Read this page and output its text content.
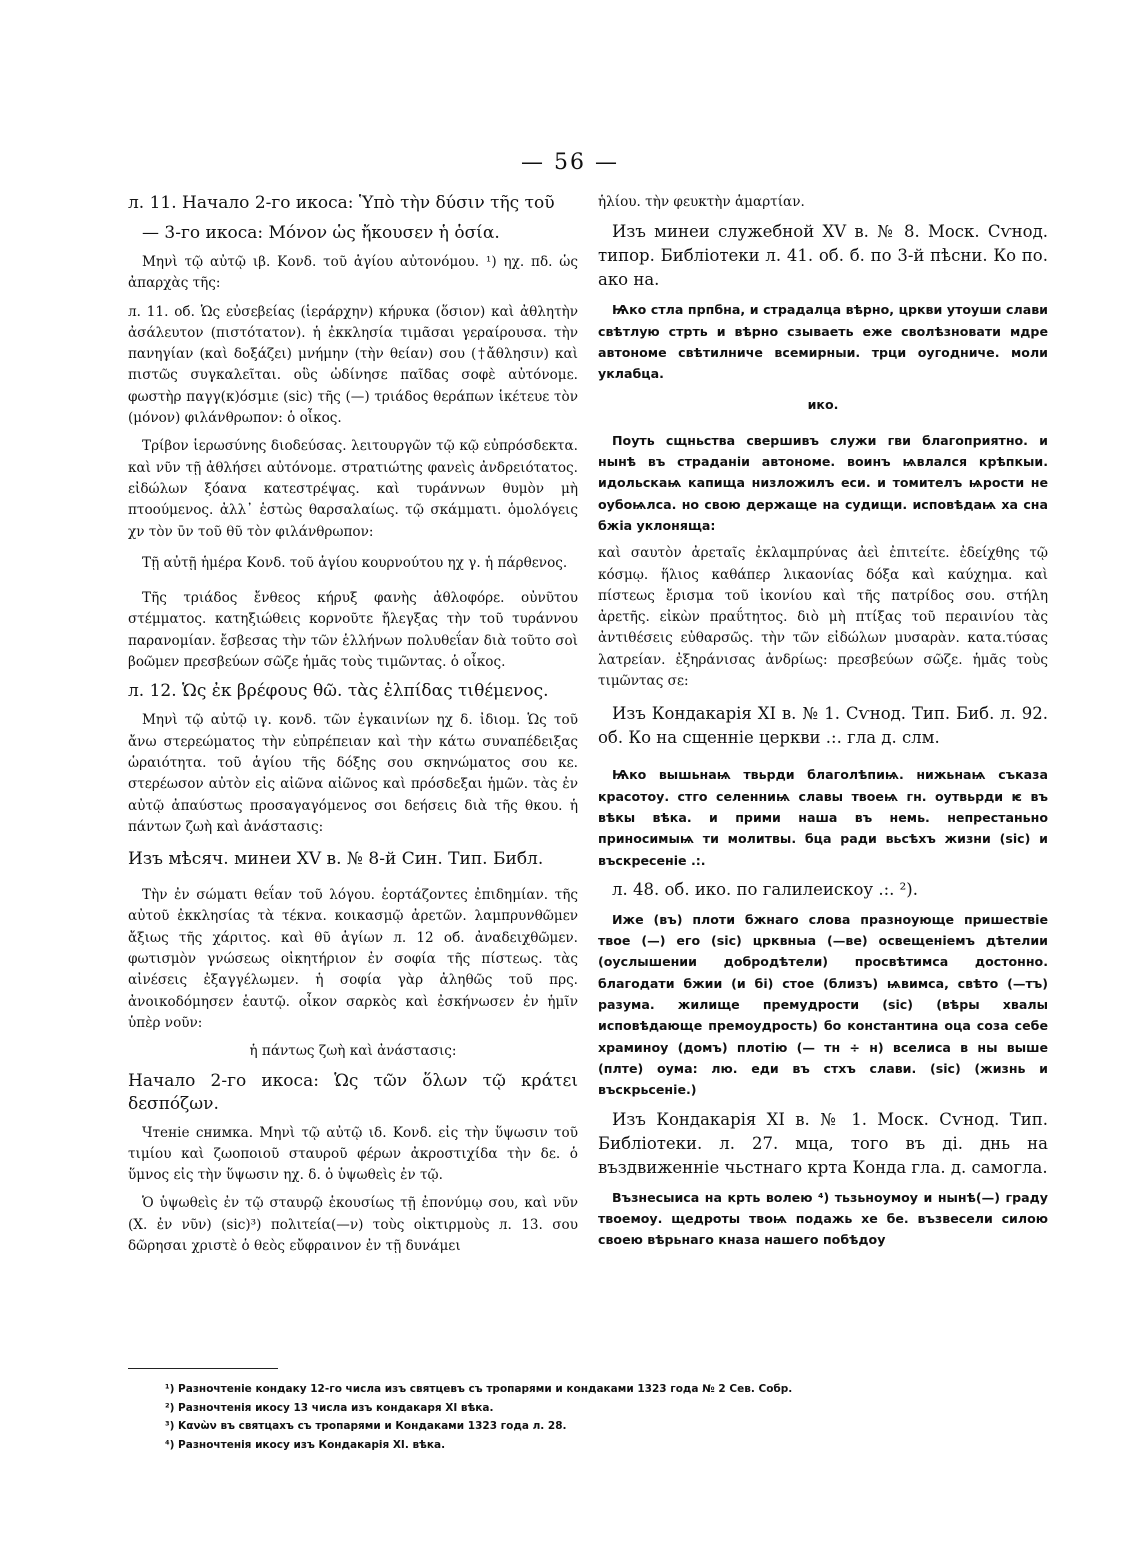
— 56 —

л. 11. Начало 2-го икоса: Ὑπὸ τὴν δύσιν τῆς τοῦ

— 3-го икоса: Μόνον ὡς ἤκουσεν ἡ ὁσία.

Μηνὶ τῷ αὐτῷ ιβ. Κονδ. τοῦ ἁγίου αὐτονόμου. ¹) ηχ. πδ. ὡς ἀπαρχὰς τῆς:

л. 11. об. Ὡς εὐσεβείας (ἱεράρχην) κήρυκα (ὅσιον) καὶ ἀθλητὴν ἀσάλευτον (πιστότατον). ἡ ἐκκλησία τιμᾶσαι γεραίρουσα. τὴν πανηγίαν (καὶ δοξάζει) μνήμην (τὴν θείαν) σου (†ἄθλησιν) καὶ πιστῶς συγκαλεῖται. οὓς ὠδίνησε παῖδας σοφὲ αὐτόνομε. φωστὴρ παγγ(κ)όσμιε (sic) τῆς (—) τριάδος θεράπων ἱκέτευε τὸν (μόνον) φιλάνθρωπον: ὁ οἶκος.

Τρίβον ἱερωσύνης διοδεύσας. λειτουργῶν τῷ κῷ εὐπρόσδεκτα. καὶ νῦν τῇ ἀθλήσει αὐτόνομε. στρατιώτης φανεὶς ἀνδρειότατος. εἰδώλων ξόανα κατεστρέψας. καὶ τυράννων θυμὸν μὴ πτοούμενος. ἀλλ᾽ ἑστὼς θαρσαλαίως. τῷ σκάμματι. ὁμολόγεις χν τὸν ῡν τοῦ θῦ τὸν φιλάνθρωπον:

Τῇ αὐτῇ ἡμέρα Κονδ. τοῦ ἁγίου κουρνούτου ηχ γ. ἡ πάρθενος.

Τῆς τριάδος ἔνθεος κήρυξ φανὴς ἀθλοφόρε. οὐνῦτου στέμματος. κατηξιώθεις κορνοῦτε ἤλεγξας τὴν τοῦ τυράννου παρανομίαν. ἔσβεσας τὴν τῶν ἑλλήνων πολυθεΐαν διὰ τοῦτο σοὶ βοῶμεν πρεσβεύων σῶζε ἡμᾶς τοὺς τιμῶντας. ὁ οἶκος.

л. 12. Ὡς ἐκ βρέφους θῶ. τὰς ἐλπίδας τιθέμενος.

Μηνὶ τῷ αὐτῷ ιγ. κονδ. τῶν ἐγκαινίων ηχ δ. ἰδιομ. Ὡς τοῦ ἄνω στερεώματος τὴν εὐπρέπειαν καὶ τὴν κάτω συναπέδειξας ὡραιότητα. τοῦ ἁγίου τῆς δόξης σου σκηνώματος σου κε. στερέωσον αὐτὸν εἰς αἰῶνα αἰῶνος καὶ πρόσδεξαι ἡμῶν. τὰς ἐν αὐτῷ ἀπαύστως προσαγαγόμενος σοι δεήσεις διὰ τῆς θκου. ἡ πάντων ζωὴ καὶ ἀνάστασις:

Изъ мѣсяч. минеи XV в. № 8-й Син. Тип. Библ.

Τὴν ἐν σώματι θεΐαν τοῦ λόγου. ἑορτάζοντες ἐπιδημίαν. τῆς αὐτοῦ ἐκκλησίας τὰ τέκνα. κοικασμῷ ἀρετῶν. λαμπρυνθῶμεν ἄξιως τῆς χάριτος. καὶ θῦ ἁγίων л. 12 об. ἀναδειχθῶμεν. φωτισμὸν γνώσεως οἰκητήριον ἐν σοφία τῆς πίστεως. τὰς αἰνέσεις ἐξαγγέλωμεν. ἡ σοφία γὰρ ἀληθῶς τοῦ πρς. ἀνοικοδόμησεν ἑαυτῷ. οἶκον σαρκὸς καὶ ἐσκήνωσεν ἐν ἡμῖν ὑπὲρ νοῦν:

ἡ πάντως ζωὴ καὶ ἀνάστασις:

Начало 2-го икоса: Ὡς τῶν ὅλων τῷ κράτει δεσπόζων.

Чтеніе снимка. Μηνὶ τῷ αὐτῷ ιδ. Κονδ. εἰς τὴν ὕψωσιν τοῦ τιμίου καὶ ζωοποιοῦ σταυροῦ φέρων ἀκροστιχίδα τὴν δε. ὁ ὕμνος εἰς τὴν ὕψωσιν ηχ. δ. ὁ ὑψωθεὶς ἐν τῷ.

Ὁ ὑψωθεὶς ἐν τῷ σταυρῷ ἑκουσίως τῇ ἐπονύμῳ σου, καὶ νῦν (Χ. ἐν νῦν) (sic)³) πολιτεία(—ν) τοὺς οἰκτιρμοὺς л. 13. σου δῶρησαι χριστὲ ὁ θεὸς εὔφραινον ἐν τῇ δυνάμει

ἡλίου. τὴν φευκτὴν ἁμαρτίαν.

Изъ минеи служебной XV в. № 8. Моск. Сѵнод. типор. Библіотеки л. 41. об. б. по 3-й пѣсни. Ко по. ако на.

Ѩко стла прпбна, и страдалца вѣрно, цркви утоуши слави свѣтлую стрть и вѣрно сзываеть еже сволѣзновати мдре автономе свѣтилниче всемирныи. трци оугодниче. моли уклабца.

ико.

Поуть сщньства свершивъ служи гви благоприятно. и нынѣ въ страданіи автономе. воинъ ѩвлался крѣпкыи. идольскаѩ капища низложилъ еси. и томителъ ѩрости не оубоѩлса. но свою держаще на судищи. исповѣдаѩ ха сна бжіа уклоняща:

καὶ σαυτὸν ἀρεταῖς ἐκλαμπρύνας ἀεὶ ἐπιτείτε. ἐδείχθης τῷ κόσμῳ. ἥλιος καθάπερ λικαονίας δόξα καὶ καύχημα. καὶ πίστεως ἔρισμα τοῦ ἰκονίου καὶ τῆς πατρίδος σου. στήλη ἀρετῆς. εἰκὼν πραΰτητος. διὸ μὴ πτίξας τοῦ περαινίου τὰς ἀντιθέσεις εὐθαρσῶς. τὴν τῶν εἰδώλων μυσαρὰν. κατα.τύσας λατρείαν. ἐξηράνισας ἀνδρίως: πρεσβεύων σῶζε. ἡμᾶς τοὺς τιμῶντας σε:

Изъ Кондакарія XI в. № 1. Сѵнод. Тип. Биб. л. 92. об. Ко на сщенніе церкви .:. гла д. слм.

Ѩко вышьнаѩ твьрди благолѣпиѩ. нижьнаѩ съказа красотоу. стго селенниѩ славы твоеѩ гн. оутвьрди ѥ въ вѣкы вѣка. и прими наша въ немь. непрестаньно приносимыѩ ти молитвы. бца ради вьсѣхъ жизни (sic) и въскресеніе .:.

л. 48. об. ико. по галилеискоу .:. ²).

Иже (въ) плоти бжнаго слова празноующе пришествіе твое (—) его (sic) црквныа (—ве) освещеніемъ дѣтелии (оуслышении добродѣтели) просвѣтимса достонно. благодати бжии (и бі) стое (близъ) ѩвимса, свѣто (—тъ) разума. жилище премудрости (sic) (вѣры хвалы исповѣдающе премоудрость) бо константина оца соза себе храминоу (домъ) плотію (— тн ÷ н) вселиса в ны выше (плте) оума: лю. еди въ стхъ слави. (sic) (жизнь и въскрьсеніе.)

Изъ Кондакарія XI в. № 1. Моск. Сѵнод. Тип. Библіотеки. л. 27. мца, того въ ді. днь на въздвиженніе чьстнаго крта Конда гла. д. самогла.

Възнесыиса на крть волею ⁴) тьзьноумоу и нынѣ(—) граду твоемоу. щедроты твоѩ подажь хе бе. възвесели силою своею вѣрьнаго кназа нашего побѣдоу

¹) Разночтеніе кондаку 12-го числа изъ святцевъ съ тропарями и кондаками 1323 года № 2 Сев. Собр.
²) Разночтенія икосу 13 числа изъ кондакаря XI вѣка.
³) Κανὼν въ святцахъ съ тропарями и Кондаками 1323 года л. 28.
⁴) Разночтенія икосу изъ Кондакарія XI. вѣка.
